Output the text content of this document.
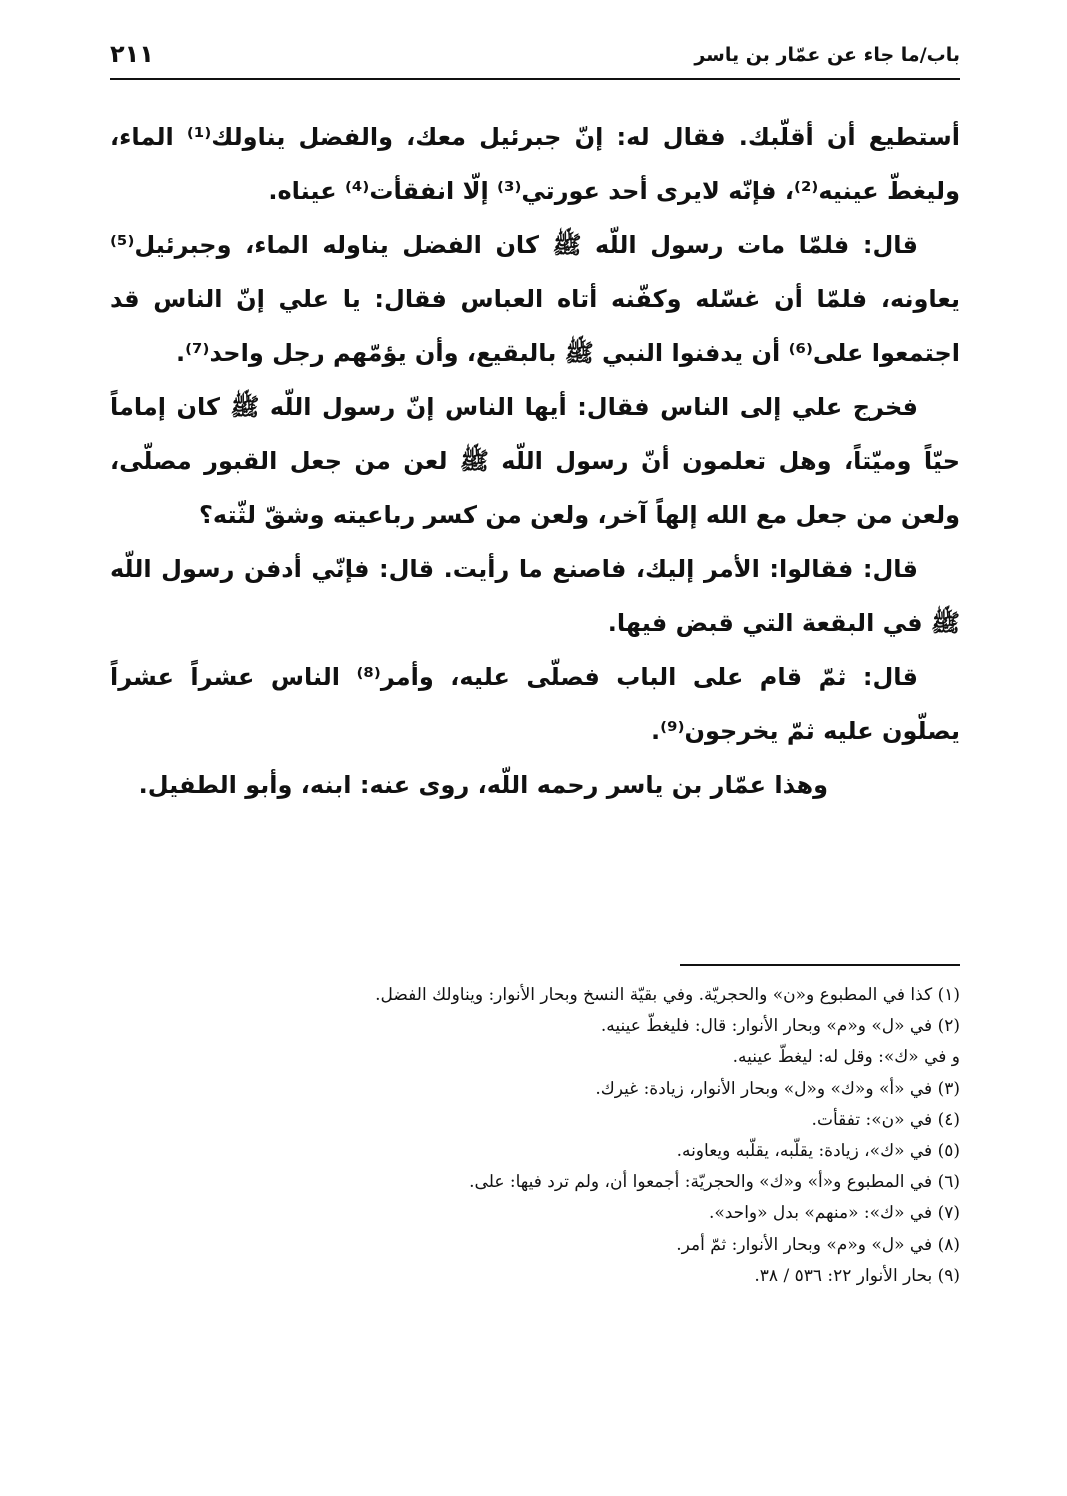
باب/ما جاء عن عمّار بن ياسر
٢١١

أستطيع أن أقلّبك. فقال له: إنّ جبرئيل معك، والفضل يناولك⁽¹⁾ الماء، وليغطّ عينيه⁽²⁾، فإنّه لايرى أحد عورتي⁽³⁾ إلّا انفقأت⁽⁴⁾ عيناه.

قال: فلمّا مات رسول اللّه ﷺ كان الفضل يناوله الماء، وجبرئيل⁽⁵⁾ يعاونه، فلمّا أن غسّله وكفّنه أتاه العباس فقال: يا علي إنّ الناس قد اجتمعوا على⁽⁶⁾ أن يدفنوا النبي ﷺ بالبقيع، وأن يؤمّهم رجل واحد⁽⁷⁾.

فخرج علي إلى الناس فقال: أيها الناس إنّ رسول اللّه ﷺ كان إماماً حيّاً وميّتاً، وهل تعلمون أنّ رسول اللّه ﷺ لعن من جعل القبور مصلّى، ولعن من جعل مع الله إلهاً آخر، ولعن من كسر رباعيته وشقّ لثّته؟

قال: فقالوا: الأمر إليك، فاصنع ما رأيت. قال: فإنّي أدفن رسول اللّه ﷺ في البقعة التي قبض فيها.

قال: ثمّ قام على الباب فصلّى عليه، وأمر⁽⁸⁾ الناس عشراً عشراً يصلّون عليه ثمّ يخرجون⁽⁹⁾.

وهذا عمّار بن ياسر رحمه اللّه، روى عنه: ابنه، وأبو الطفيل.

(١) كذا في المطبوع و«ن» والحجريّة. وفي بقيّة النسخ وبحار الأنوار: ويناولك الفضل.
(٢) في «ل» و«م» وبحار الأنوار: قال: فليغطّ عينيه.
و في «ك»: وقل له: ليغطّ عينيه.
(٣) في «أ» و«ك» و«ل» وبحار الأنوار، زيادة: غيرك.
(٤) في «ن»: تفقأت.
(٥) في «ك»، زيادة: يقلّبه، يقلّبه ويعاونه.
(٦) في المطبوع و«أ» و«ك» والحجريّة: أجمعوا أن، ولم ترد فيها: على.
(٧) في «ك»: «منهم» بدل «واحد».
(٨) في «ل» و«م» وبحار الأنوار: ثمّ أمر.
(٩) بحار الأنوار ٢٢: ٥٣٦ / ٣٨.
